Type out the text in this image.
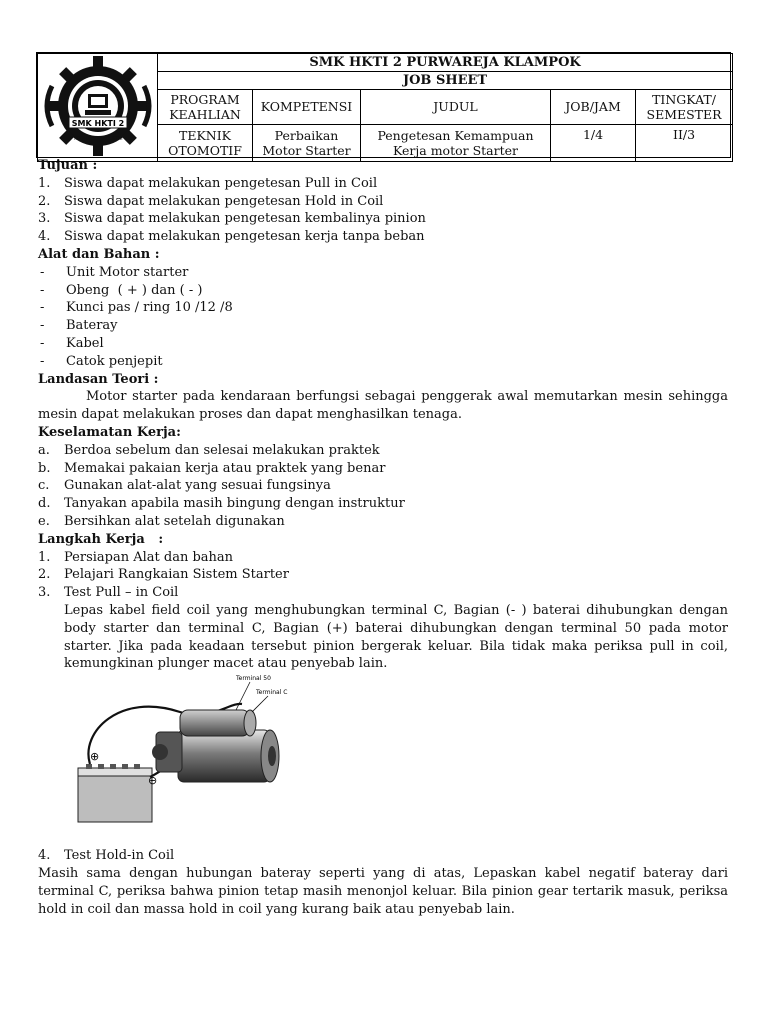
SMK HKTI 2
TEKNOLOGI INDUSTRI	SMK HKTI 2 PURWAREJA KLAMPOK				
	JOB SHEET				
	PROGRAM KEAHLIAN	KOMPETENSI	JUDUL	JOB/JAM	TINGKAT/ SEMESTER
	TEKNIK OTOMOTIF	Perbaikan Motor Starter	Pengetesan Kemampuan Kerja motor Starter	1/4	II/3

Tujuan :

1.	Siswa dapat melakukan pengetesan Pull in Coil
2.	Siswa dapat melakukan pengetesan Hold in Coil
3.	Siswa dapat melakukan pengetesan kembalinya pinion
4.	Siswa dapat melakukan pengetesan kerja tanpa beban

Alat dan Bahan :

-	Unit Motor starter
-	Obeng  ( + ) dan ( - )
-	Kunci pas / ring 10 /12 /8
-	Bateray
-	Kabel
-	Catok penjepit

Landasan Teori :

Motor starter pada kendaraan berfungsi sebagai penggerak awal memutarkan mesin sehingga mesin dapat melakukan proses dan dapat menghasilkan tenaga.

Keselamatan Kerja:

a.	Berdoa sebelum dan selesai melakukan praktek
b.	Memakai pakaian kerja atau praktek yang benar
c.	Gunakan alat-alat yang sesuai fungsinya
d.	Tanyakan apabila masih bingung dengan instruktur
e.	Bersihkan alat setelah digunakan

Langkah Kerja   :

1.	Persiapan Alat dan bahan
2.	Pelajari Rangkaian Sistem Starter
3.	Test Pull – in Coil

Lepas kabel field coil yang menghubungkan terminal C, Bagian (- ) baterai dihubungkan dengan body starter dan terminal C, Bagian (+) baterai dihubungkan dengan terminal 50 pada motor starter. Jika pada keadaan tersebut pinion bergerak keluar. Bila tidak maka periksa pull in coil, kemungkinan plunger macet atau penyebab lain.

4.	Test Hold-in Coil

Masih sama dengan hubungan bateray seperti yang di atas, Lepaskan kabel negatif bateray dari terminal C, periksa bahwa pinion tetap masih menonjol keluar. Bila pinion gear tertarik masuk, periksa hold in coil dan massa hold in coil yang kurang baik atau penyebab lain.

⊕
⊖
Terminal 50
Terminal C
